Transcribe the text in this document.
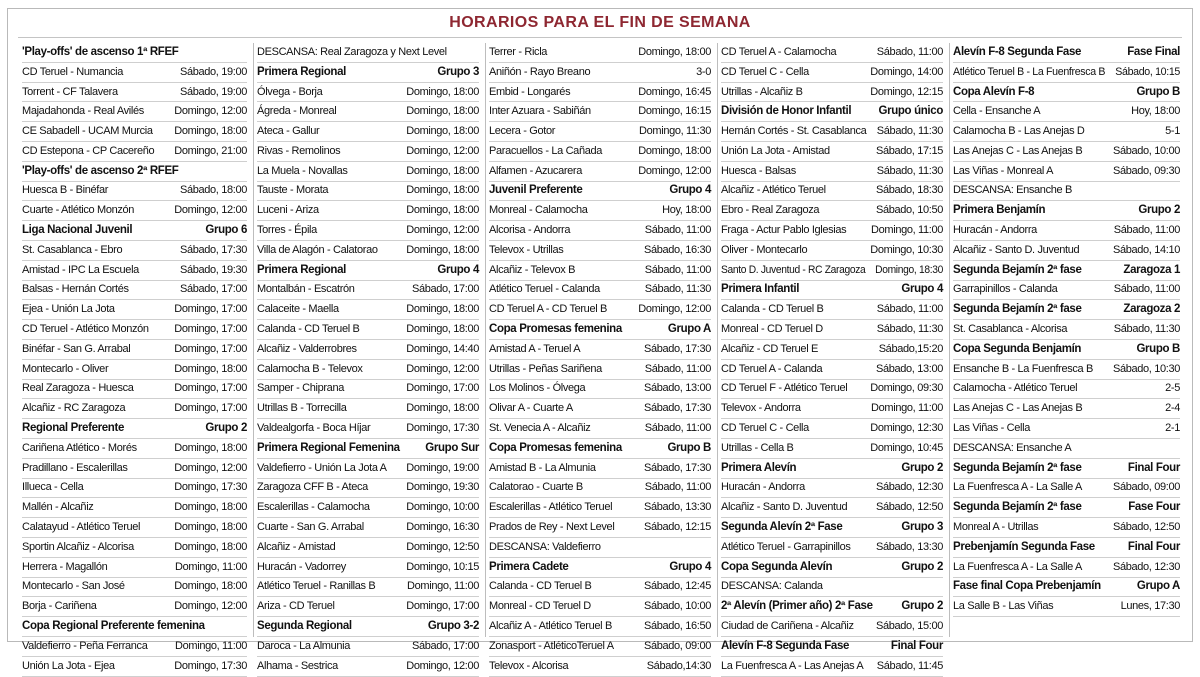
HORARIOS PARA EL FIN DE SEMANA
'Play-offs' de ascenso 1ª RFEF
CD Teruel - Numancia	Sábado, 19:00
Torrent - CF Talavera	Sábado, 19:00
Majadahonda - Real Avilés	Domingo, 12:00
CE Sabadell - UCAM Murcia	Domingo, 18:00
CD Estepona - CP Cacereño	Domingo, 21:00
'Play-offs' de ascenso 2ª RFEF
Huesca B - Binéfar	Sábado, 18:00
Cuarte - Atlético Monzón	Domingo, 12:00
Liga Nacional Juvenil	Grupo 6
St. Casablanca - Ebro	Sábado, 17:30
Amistad - IPC La Escuela	Sábado, 19:30
Balsas - Hernán Cortés	Sábado, 17:00
Ejea - Unión La Jota	Domingo, 17:00
CD Teruel - Atlético Monzón	Domingo, 17:00
Binéfar - San G. Arrabal	Domingo, 17:00
Montecarlo - Oliver	Domingo, 18:00
Real Zaragoza - Huesca	Domingo, 17:00
Alcañiz - RC Zaragoza	Domingo, 17:00
Regional Preferente	Grupo 2
Cariñena Atlético - Morés	Domingo, 18:00
Pradillano - Escalerillas	Domingo, 12:00
Illueca - Cella	Domingo, 17:30
Mallén - Alcañiz	Domingo, 18:00
Calatayud - Atlético Teruel	Domingo, 18:00
Sportin Alcañiz - Alcorisa	Domingo, 18:00
Herrera - Magallón	Domingo, 11:00
Montecarlo - San José	Domingo, 18:00
Borja - Cariñena	Domingo, 12:00
Copa Regional Preferente femenina
Valdefierro - Peña Ferranca	Domingo, 11:00
Unión La Jota - Ejea	Domingo, 17:30
DESCANSA: Real Zaragoza y Next Level
Primera Regional	Grupo 3
Ólvega - Borja	Domingo, 18:00
Ágreda - Monreal	Domingo, 18:00
Ateca - Gallur	Domingo, 18:00
Rivas - Remolinos	Domingo, 12:00
La Muela - Novallas	Domingo, 18:00
Tauste - Morata	Domingo, 18:00
Luceni - Ariza	Domingo, 18:00
Torres - Épila	Domingo, 12:00
Villa de Alagón - Calatorao	Domingo, 18:00
Primera Regional	Grupo 4
Montalbán - Escatrón	Sábado, 17:00
Calaceite - Maella	Domingo, 18:00
Calanda - CD Teruel B	Domingo, 18:00
Alcañiz - Valderrobres	Domingo, 14:40
Calamocha B - Televox	Domingo, 12:00
Samper - Chiprana	Domingo, 17:00
Utrillas B - Torrecilla	Domingo, 18:00
Valdealgorfa - Boca Híjar	Domingo, 17:30
Primera Regional Femenina	Grupo Sur
Valdefierro - Unión La Jota A	Domingo, 19:00
Zaragoza CFF B - Ateca	Domingo, 19:30
Escalerillas - Calamocha	Domingo, 10:00
Cuarte - San G. Arrabal	Domingo, 16:30
Alcañiz - Amistad	Domingo, 12:50
Huracán - Vadorrey	Domingo, 10:15
Atlético Teruel - Ranillas B	Domingo, 11:00
Ariza - CD Teruel	Domingo, 17:00
Segunda Regional	Grupo 3-2
Daroca - La Almunia	Sábado, 17:00
Alhama - Sestrica	Domingo, 12:00
Terrer - Ricla	Domingo, 18:00
Aniñón - Rayo Breano	3-0
Embid - Longarés	Domingo, 16:45
Inter Azuara - Sabiñán	Domingo, 16:15
Lecera - Gotor	Domingo, 11:30
Paracuellos - La Cañada	Domingo, 18:00
Alfamen - Azucarera	Domingo, 12:00
Juvenil Preferente	Grupo 4
Monreal - Calamocha	Hoy, 18:00
Alcorisa - Andorra	Sábado, 11:00
Televox - Utrillas	Sábado, 16:30
Alcañiz - Televox B	Sábado, 11:00
Atlético Teruel - Calanda	Sábado, 11:30
CD Teruel A - CD Teruel B	Domingo, 12:00
Copa Promesas femenina	Grupo A
Amistad A - Teruel A	Sábado, 17:30
Utrillas - Peñas Sariñena	Sábado, 11:00
Los Molinos - Ólvega	Sábado, 13:00
Olivar A - Cuarte A	Sábado, 17:30
St. Venecia A - Alcañiz	Sábado, 11:00
Copa Promesas femenina	Grupo B
Amistad B - La Almunia	Sábado, 17:30
Calatorao - Cuarte B	Sábado, 11:00
Escalerillas - Atlético Teruel	Sábado, 13:30
Prados de Rey - Next Level	Sábado, 12:15
DESCANSA: Valdefierro
Primera Cadete	Grupo 4
Calanda - CD Teruel B	Sábado, 12:45
Monreal - CD Teruel D	Sábado, 10:00
Alcañiz A - Atlético Teruel B	Sábado, 16:50
Zonasport - AtléticoTeruel A	Sábado, 09:00
Televox - Alcorisa	Sábado,14:30
CD Teruel A - Calamocha	Sábado, 11:00
CD Teruel C - Cella	Domingo, 14:00
Utrillas - Alcañiz B	Domingo, 12:15
División de Honor Infantil	Grupo único
Hernán Cortés - St. Casablanca Sábado, 11:30
Unión La Jota - Amistad	Sábado, 17:15
Huesca - Balsas	Sábado, 11:30
Alcañiz - Atlético Teruel	Sábado, 18:30
Ebro - Real Zaragoza	Sábado, 10:50
Fraga - Actur Pablo Iglesias	Domingo, 11:00
Oliver - Montecarlo	Domingo, 10:30
Santo D. Juventud - RC Zaragoza Domingo, 18:30
Primera Infantil	Grupo 4
Calanda - CD Teruel B	Sábado, 11:00
Monreal - CD Teruel D	Sábado, 11:30
Alcañiz - CD Teruel E	Sábado,15:20
CD Teruel A - Calanda	Sábado, 13:00
CD Teruel F - Atlético Teruel	Domingo, 09:30
Televox - Andorra	Domingo, 11:00
CD Teruel C - Cella	Domingo, 12:30
Utrillas - Cella B	Domingo, 10:45
Primera Alevín	Grupo 2
Huracán - Andorra	Sábado, 12:30
Alcañiz - Santo D. Juventud	Sábado, 12:50
Segunda Alevín 2ª Fase	Grupo 3
Atlético Teruel - Garrapinillos	Sábado, 13:30
Copa Segunda Alevín	Grupo 2
DESCANSA: Calanda
2ª Alevín (Primer año) 2ª Fase	Grupo 2
Ciudad de Cariñena - Alcañiz	Sábado, 15:00
Alevín F-8 Segunda Fase	Final Four
La Fuenfresca A - Las Anejas A	Sábado, 11:45
Alevín F-8 Segunda Fase	Fase Final
Atlético Teruel B - La Fuenfresca B Sábado, 10:15
Copa Alevín F-8	Grupo B
Cella - Ensanche A	Hoy, 18:00
Calamocha B - Las Anejas D	5-1
Las Anejas C - Las Anejas B	Sábado, 10:00
Las Viñas - Monreal A	Sábado, 09:30
DESCANSA: Ensanche B
Primera Benjamín	Grupo 2
Huracán - Andorra	Sábado, 11:00
Alcañiz - Santo D. Juventud	Sábado, 14:10
Segunda Bejamín 2ª fase	Zaragoza 1
Garrapinillos - Calanda	Sábado, 11:00
Segunda Bejamín 2ª fase	Zaragoza 2
St. Casablanca - Alcorisa	Sábado, 11:30
Copa Segunda Benjamín	Grupo B
Ensanche B - La Fuenfresca B	Sábado, 10:30
Calamocha - Atlético Teruel	2-5
Las Anejas C - Las Anejas B	2-4
Las Viñas - Cella	2-1
DESCANSA: Ensanche A
Segunda Bejamín 2ª fase	Final Four
La Fuenfresca A - La Salle A	Sábado, 09:00
Segunda Bejamín 2ª fase	Fase Four
Monreal A - Utrillas	Sábado, 12:50
Prebenjamín Segunda Fase	Final Four
La Fuenfresca A - La Salle A	Sábado, 12:30
Fase final Copa Prebenjamín	Grupo A
La Salle B - Las Viñas	Lunes, 17:30
